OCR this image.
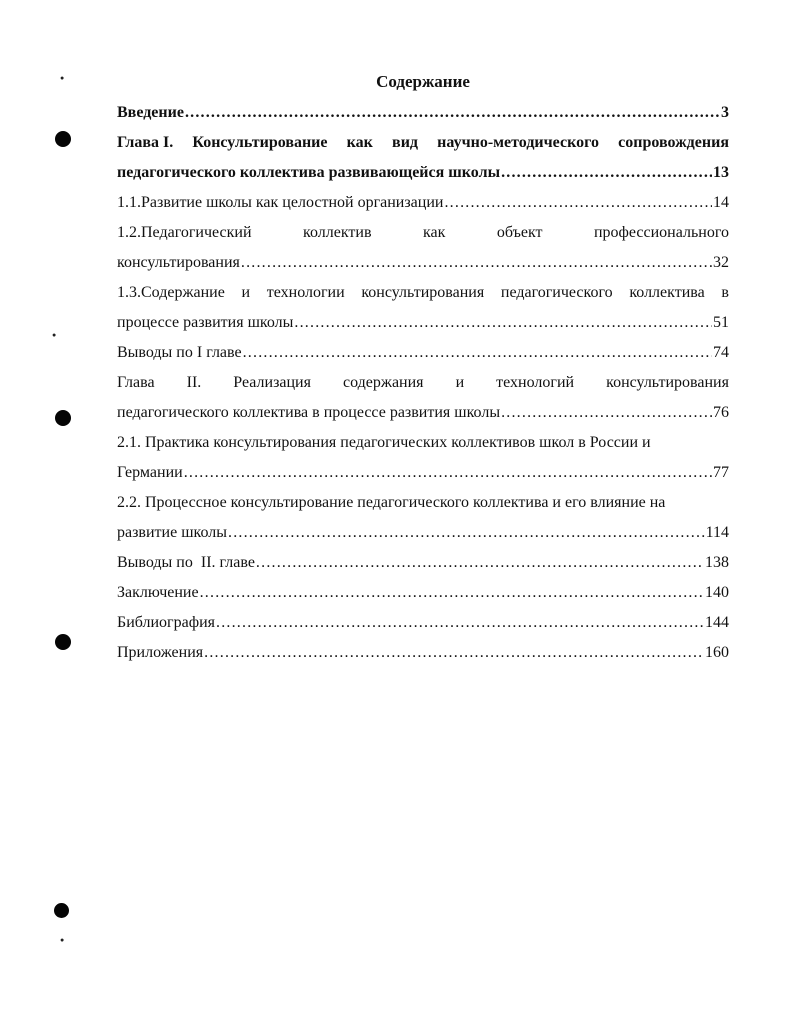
●
●
●
Содержание
Введение .....	3
Глава I. Консультирование как вид научно-методического сопровождения
педагогического коллектива развивающейся школы .....	13
1.1.Развитие школы как целостной организации .....	14
1.2.Педагогический	коллектив	как	объект	профессионального
консультирования .....	32
1.3.Содержание и технологии консультирования педагогического коллектива в
процессе развития школы .....	51
Выводы по I главе .....	74
Глава II. Реализация содержания и технологий консультирования
педагогического коллектива в процессе развития школы .....	76
2.1. Практика консультирования педагогических коллективов школ в России и
Германии .....	77
2.2. Процессное консультирование педагогического коллектива и его влияние на
развитие школы .....	114
Выводы по  II. главе .....	138
Заключение .....	140
Библиография .....	144
Приложения .....	160
